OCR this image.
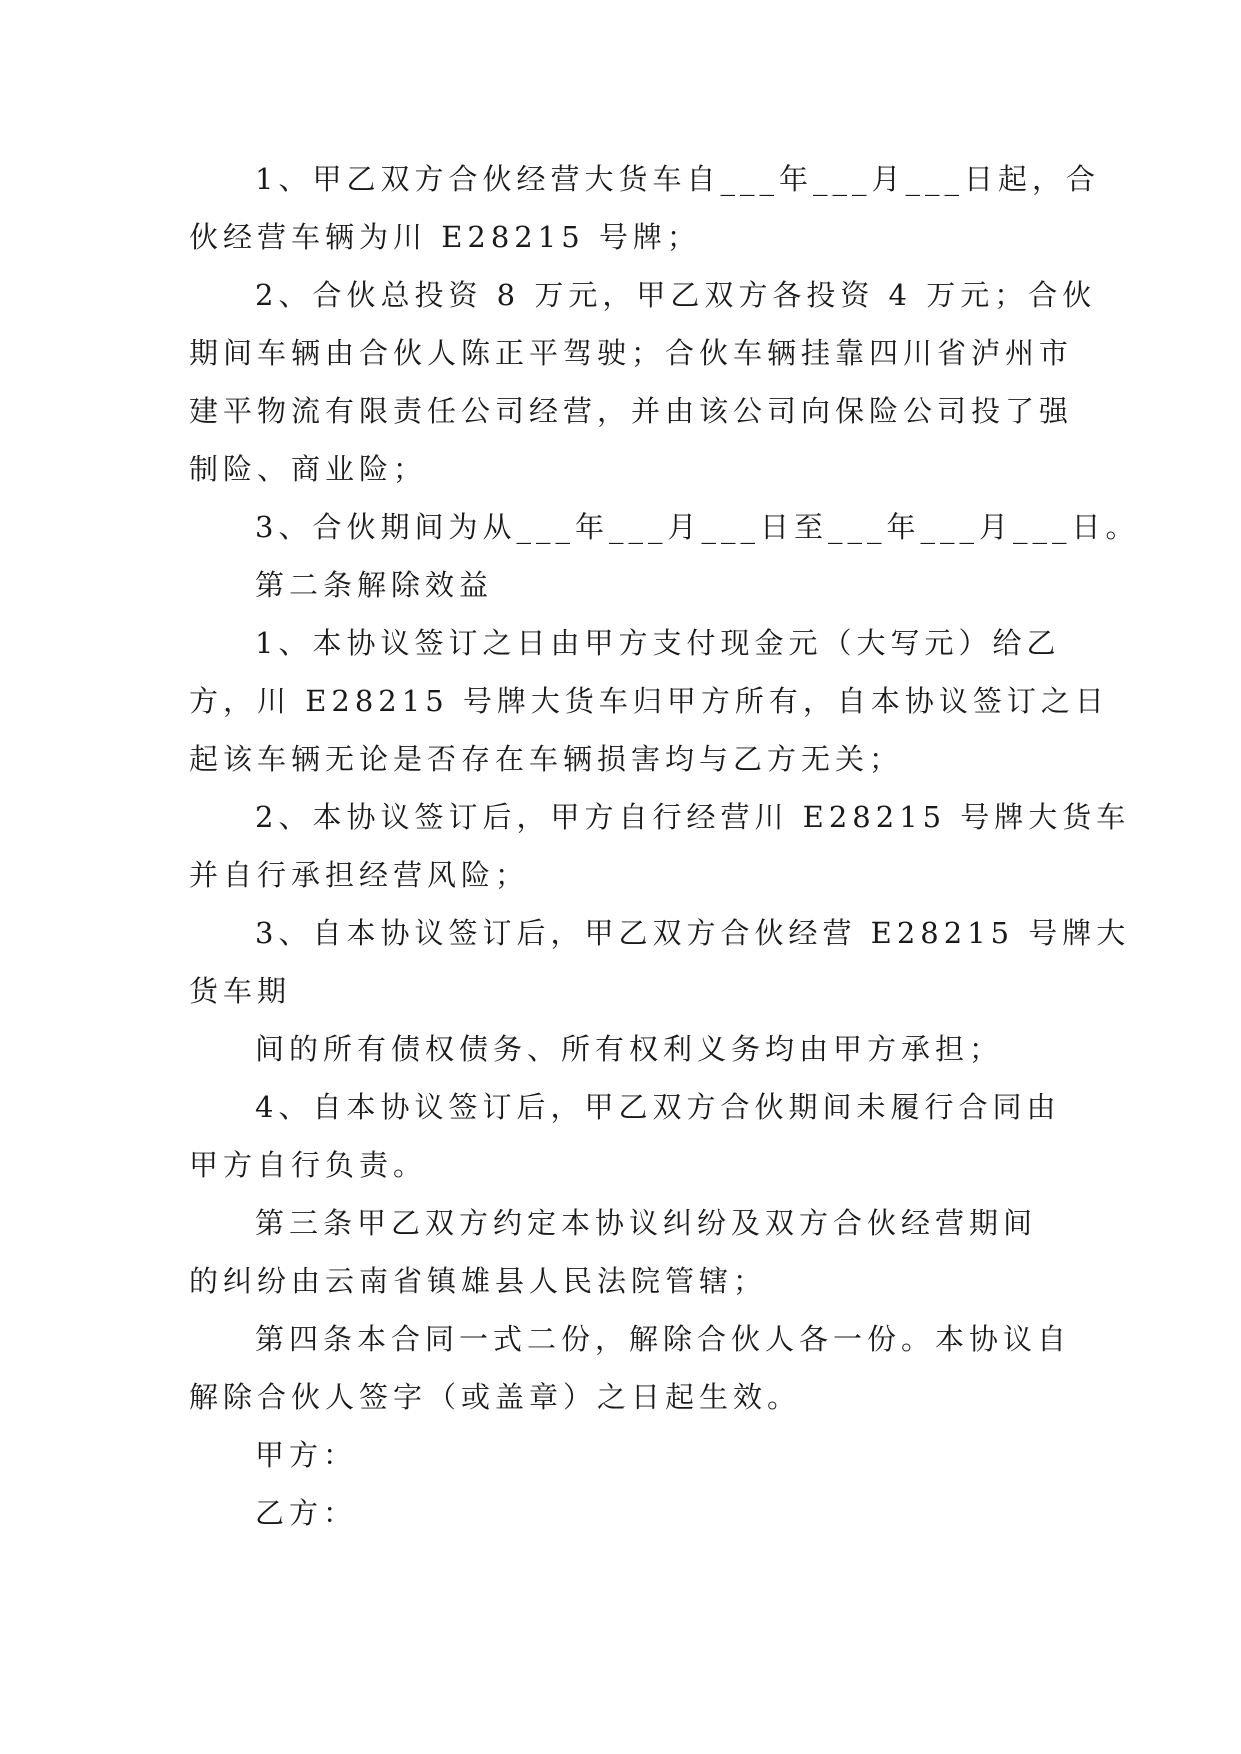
1、甲乙双方合伙经营大货车自___年___月___日起，合
伙经营车辆为川 E28215 号牌；
2、合伙总投资 8 万元，甲乙双方各投资 4 万元；合伙
期间车辆由合伙人陈正平驾驶；合伙车辆挂靠四川省泸州市
建平物流有限责任公司经营，并由该公司向保险公司投了强
制险、商业险；
3、合伙期间为从___年___月___日至___年___月___日。
第二条解除效益
1、本协议签订之日由甲方支付现金元（大写元）给乙
方，川 E28215 号牌大货车归甲方所有，自本协议签订之日
起该车辆无论是否存在车辆损害均与乙方无关；
2、本协议签订后，甲方自行经营川 E28215 号牌大货车
并自行承担经营风险；
3、自本协议签订后，甲乙双方合伙经营 E28215 号牌大
货车期
间的所有债权债务、所有权利义务均由甲方承担；
4、自本协议签订后，甲乙双方合伙期间未履行合同由
甲方自行负责。
第三条甲乙双方约定本协议纠纷及双方合伙经营期间
的纠纷由云南省镇雄县人民法院管辖；
第四条本合同一式二份，解除合伙人各一份。本协议自
解除合伙人签字（或盖章）之日起生效。
甲方：
乙方：
